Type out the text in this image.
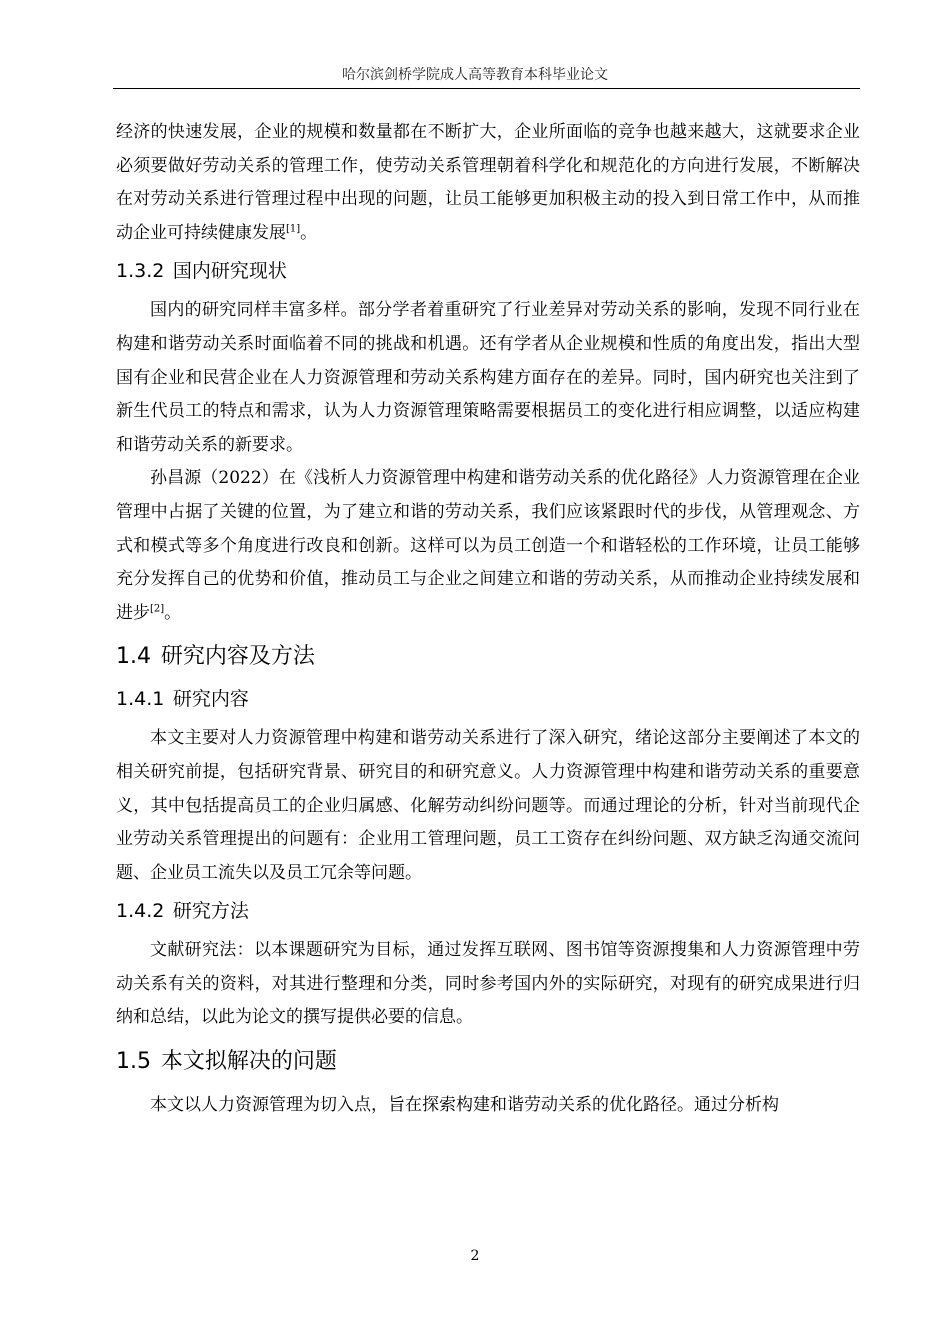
哈尔滨剑桥学院成人高等教育本科毕业论文

经济的快速发展，企业的规模和数量都在不断扩大，企业所面临的竞争也越来越大，这就要求企业必须要做好劳动关系的管理工作，使劳动关系管理朝着科学化和规范化的方向进行发展，不断解决在对劳动关系进行管理过程中出现的问题，让员工能够更加积极主动的投入到日常工作中，从而推动企业可持续健康发展[1]。

1.3.2 国内研究现状

国内的研究同样丰富多样。部分学者着重研究了行业差异对劳动关系的影响，发现不同行业在构建和谐劳动关系时面临着不同的挑战和机遇。还有学者从企业规模和性质的角度出发，指出大型国有企业和民营企业在人力资源管理和劳动关系构建方面存在的差异。同时，国内研究也关注到了新生代员工的特点和需求，认为人力资源管理策略需要根据员工的变化进行相应调整，以适应构建和谐劳动关系的新要求。

孙昌源（2022）在《浅析人力资源管理中构建和谐劳动关系的优化路径》人力资源管理在企业管理中占据了关键的位置，为了建立和谐的劳动关系，我们应该紧跟时代的步伐，从管理观念、方式和模式等多个角度进行改良和创新。这样可以为员工创造一个和谐轻松的工作环境，让员工能够充分发挥自己的优势和价值，推动员工与企业之间建立和谐的劳动关系，从而推动企业持续发展和进步[2]。

1.4 研究内容及方法
1.4.1 研究内容

本文主要对人力资源管理中构建和谐劳动关系进行了深入研究，绪论这部分主要阐述了本文的相关研究前提，包括研究背景、研究目的和研究意义。人力资源管理中构建和谐劳动关系的重要意义，其中包括提高员工的企业归属感、化解劳动纠纷问题等。而通过理论的分析，针对当前现代企业劳动关系管理提出的问题有：企业用工管理问题，员工工资存在纠纷问题、双方缺乏沟通交流问题、企业员工流失以及员工冗余等问题。

1.4.2 研究方法

文献研究法：以本课题研究为目标，通过发挥互联网、图书馆等资源搜集和人力资源管理中劳动关系有关的资料，对其进行整理和分类，同时参考国内外的实际研究，对现有的研究成果进行归纳和总结，以此为论文的撰写提供必要的信息。

1.5 本文拟解决的问题

本文以人力资源管理为切入点，旨在探索构建和谐劳动关系的优化路径。通过分析构

2
